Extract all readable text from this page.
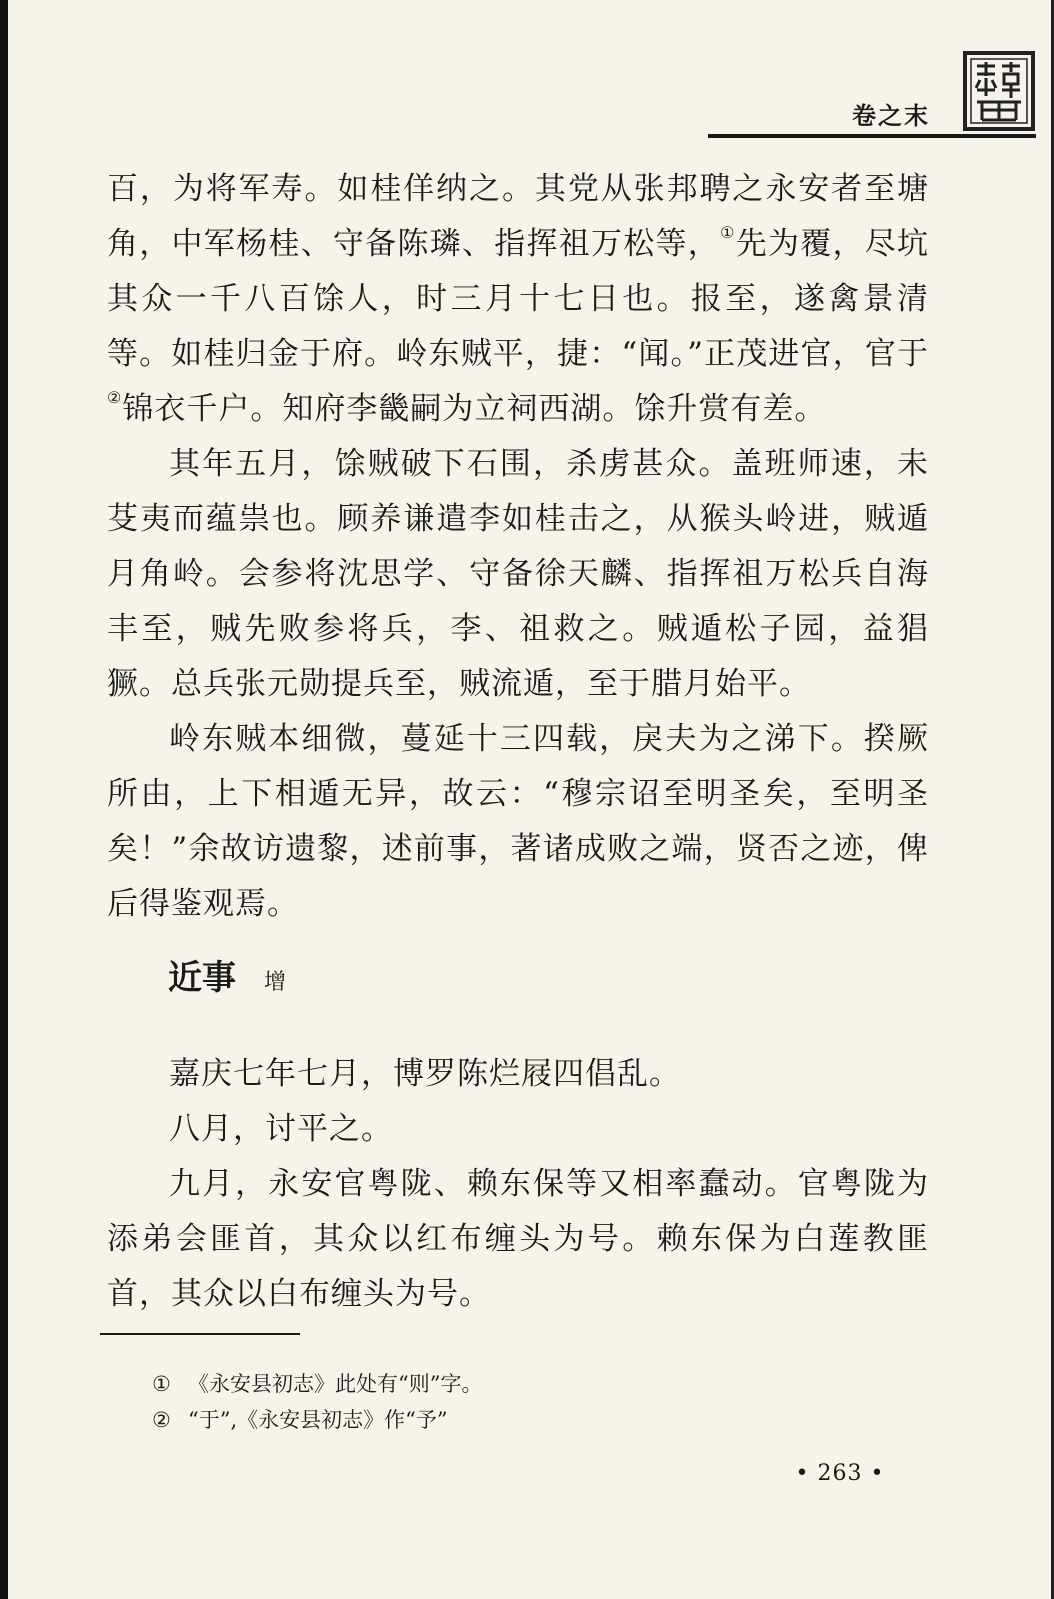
卷之末

百，为将军寿。如桂佯纳之。其党从张邦聘之永安者至塘角，中军杨桂、守备陈璘、指挥祖万松等，①先为覆，尽坑其众一千八百馀人，时三月十七日也。报至，遂禽景清等。如桂归金于府。岭东贼平，捷：“闻。”正茂进官，官于②锦衣千户。知府李畿嗣为立祠西湖。馀升赏有差。

其年五月，馀贼破下石围，杀虏甚众。盖班师速，未芟夷而蕴祟也。顾养谦遣李如桂击之，从猴头岭进，贼遁月角岭。会参将沈思学、守备徐天麟、指挥祖万松兵自海丰至，贼先败参将兵，李、祖救之。贼遁松子园，益猖獗。总兵张元勋提兵至，贼流遁，至于腊月始平。

岭东贼本细微，蔓延十三四载，戾夫为之涕下。揆厥所由，上下相遁无异，故云：“穆宗诏至明圣矣，至明圣矣！”余故访遗黎，述前事，著诸成败之端，贤否之迹，俾后得鉴观焉。

近事 增

嘉庆七年七月，博罗陈烂屐四倡乱。

八月，讨平之。

九月，永安官粤陇、赖东保等又相率蠢动。官粤陇为添弟会匪首，其众以红布缠头为号。赖东保为白莲教匪首，其众以白布缠头为号。

① 《永安县初志》此处有“则”字。
② “于”,《永安县初志》作“予”
• 263 •
